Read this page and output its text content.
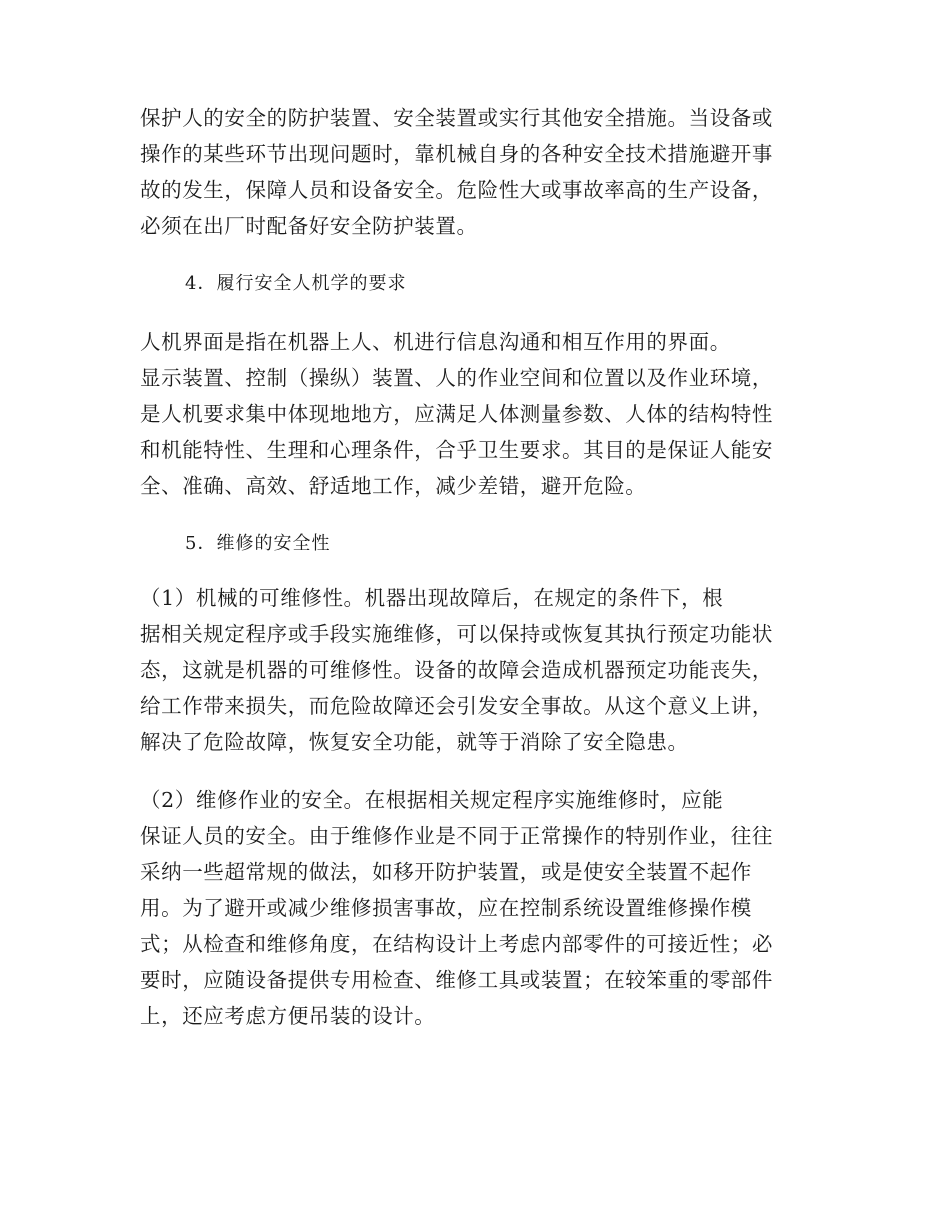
保护人的安全的防护装置、安全装置或实行其他安全措施。当设备或
操作的某些环节出现问题时，靠机械自身的各种安全技术措施避开事
故的发生，保障人员和设备安全。危险性大或事故率高的生产设备，
必须在出厂时配备好安全防护装置。
4．履行安全人机学的要求
人机界面是指在机器上人、机进行信息沟通和相互作用的界面。
显示装置、控制（操纵）装置、人的作业空间和位置以及作业环境，
是人机要求集中体现地地方，应满足人体测量参数、人体的结构特性
和机能特性、生理和心理条件，合乎卫生要求。其目的是保证人能安
全、准确、高效、舒适地工作，减少差错，避开危险。
5．维修的安全性
（1）机械的可维修性。机器出现故障后，在规定的条件下，根
据相关规定程序或手段实施维修，可以保持或恢复其执行预定功能状
态，这就是机器的可维修性。设备的故障会造成机器预定功能丧失，
给工作带来损失，而危险故障还会引发安全事故。从这个意义上讲，
解决了危险故障，恢复安全功能，就等于消除了安全隐患。
（2）维修作业的安全。在根据相关规定程序实施维修时，应能
保证人员的安全。由于维修作业是不同于正常操作的特别作业，往往
采纳一些超常规的做法，如移开防护装置，或是使安全装置不起作
用。为了避开或减少维修损害事故，应在控制系统设置维修操作模
式；从检查和维修角度，在结构设计上考虑内部零件的可接近性；必
要时，应随设备提供专用检查、维修工具或装置；在较笨重的零部件
上，还应考虑方便吊装的设计。
